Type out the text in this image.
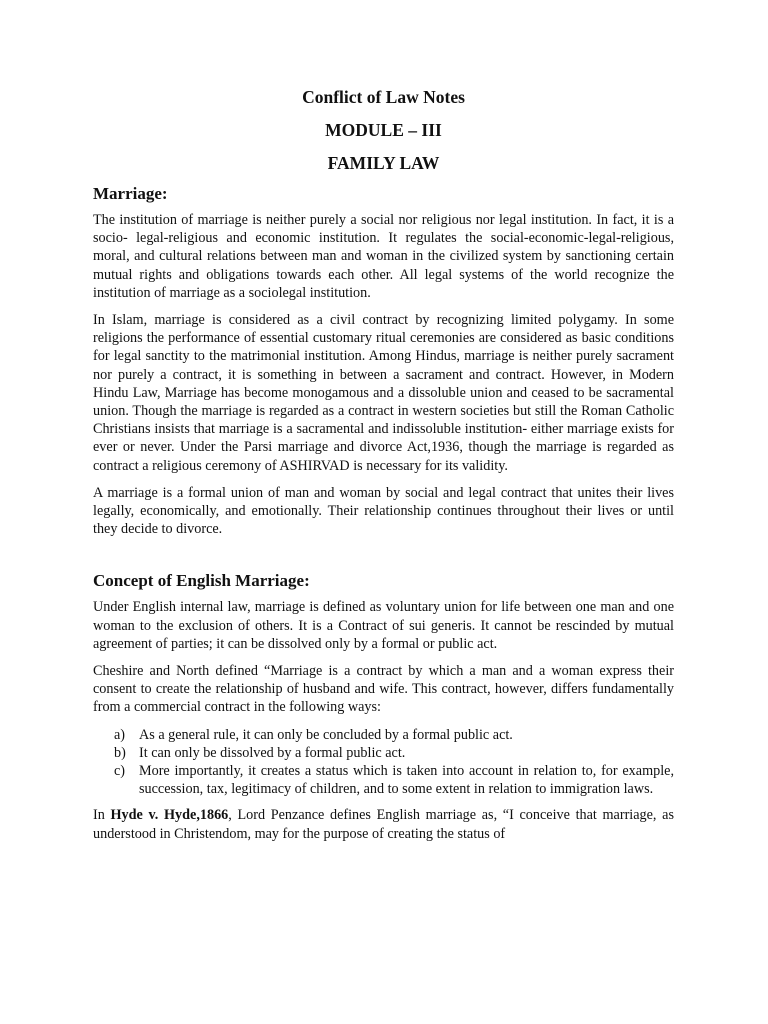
Conflict of Law Notes
MODULE – III
FAMILY LAW
Marriage:

The institution of marriage is neither purely a social nor religious nor legal institution. In fact, it is a socio- legal-religious and economic institution. It regulates the social-economic-legal-religious, moral, and cultural relations between man and woman in the civilized system by sanctioning certain mutual rights and obligations towards each other. All legal systems of the world recognize the institution of marriage as a sociolegal institution.

In Islam, marriage is considered as a civil contract by recognizing limited polygamy. In some religions the performance of essential customary ritual ceremonies are considered as basic conditions for legal sanctity to the matrimonial institution. Among Hindus, marriage is neither purely sacrament nor purely a contract, it is something in between a sacrament and contract. However, in Modern Hindu Law, Marriage has become monogamous and a dissoluble union and ceased to be sacramental union. Though the marriage is regarded as a contract in western societies but still the Roman Catholic Christians insists that marriage is a sacramental and indissoluble institution- either marriage exists for ever or never. Under the Parsi marriage and divorce Act,1936, though the marriage is regarded as contract a religious ceremony of ASHIRVAD is necessary for its validity.

A marriage is a formal union of man and woman by social and legal contract that unites their lives legally, economically, and emotionally. Their relationship continues throughout their lives or until they decide to divorce.

Concept of English Marriage:

Under English internal law, marriage is defined as voluntary union for life between one man and one woman to the exclusion of others. It is a Contract of sui generis. It cannot be rescinded by mutual agreement of parties; it can be dissolved only by a formal or public act.

Cheshire and North defined “Marriage is a contract by which a man and a woman express their consent to create the relationship of husband and wife. This contract, however, differs fundamentally from a commercial contract in the following ways:

a) As a general rule, it can only be concluded by a formal public act.
b) It can only be dissolved by a formal public act.
c) More importantly, it creates a status which is taken into account in relation to, for example, succession, tax, legitimacy of children, and to some extent in relation to immigration laws.

In Hyde v. Hyde,1866, Lord Penzance defines English marriage as, “I conceive that marriage, as understood in Christendom, may for the purpose of creating the status of
